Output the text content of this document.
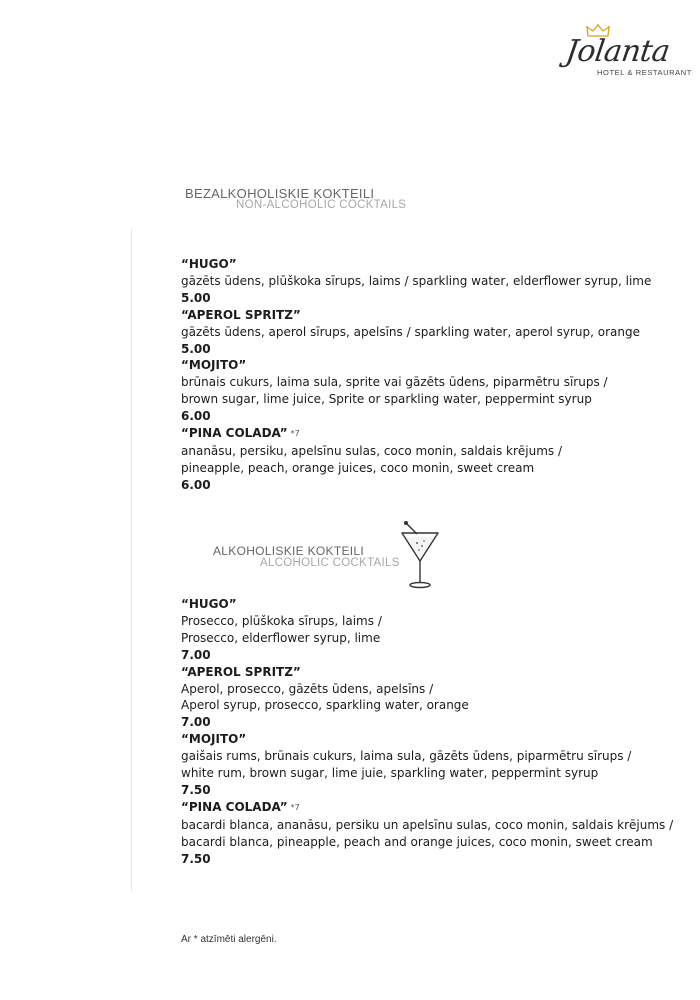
Jolanta
HOTEL & RESTAURANT
BEZALKOHOLISKIE KOKTEILI
NON-ALCOHOLIC COCKTAILS
“HUGO”
gāzēts ūdens, plūškoka sīrups, laims / sparkling water, elderflower syrup, lime
5.00
“APEROL SPRITZ”
gāzēts ūdens, aperol sīrups, apelsīns / sparkling water, aperol syrup, orange
5.00
“MOJITO”
brūnais cukurs, laima sula, sprite vai gāzēts ūdens, piparmētru sīrups /
brown sugar, lime juice, Sprite or sparkling water, peppermint syrup
6.00
“PINA COLADA” *7
ananāsu, persiku, apelsīnu sulas, coco monin, saldais krējums /
pineapple, peach, orange juices, coco monin, sweet cream
6.00
ALKOHOLISKIE KOKTEILI
ALCOHOLIC COCKTAILS
“HUGO”
Prosecco, plūškoka sīrups, laims /
Prosecco, elderflower syrup, lime
7.00
“APEROL SPRITZ”
Aperol, prosecco, gāzēts ūdens, apelsīns /
Aperol syrup, prosecco, sparkling water, orange
7.00
“MOJITO”
gaišais rums, brūnais cukurs, laima sula, gāzēts ūdens, piparmētru sīrups /
white rum, brown sugar, lime juie, sparkling water, peppermint syrup
7.50
“PINA COLADA” *7
bacardi blanca, ananāsu, persiku un apelsīnu sulas, coco monin, saldais krējums /
bacardi blanca, pineapple, peach and orange juices, coco monin, sweet cream
7.50
Ar * atzīmēti alergēni.
